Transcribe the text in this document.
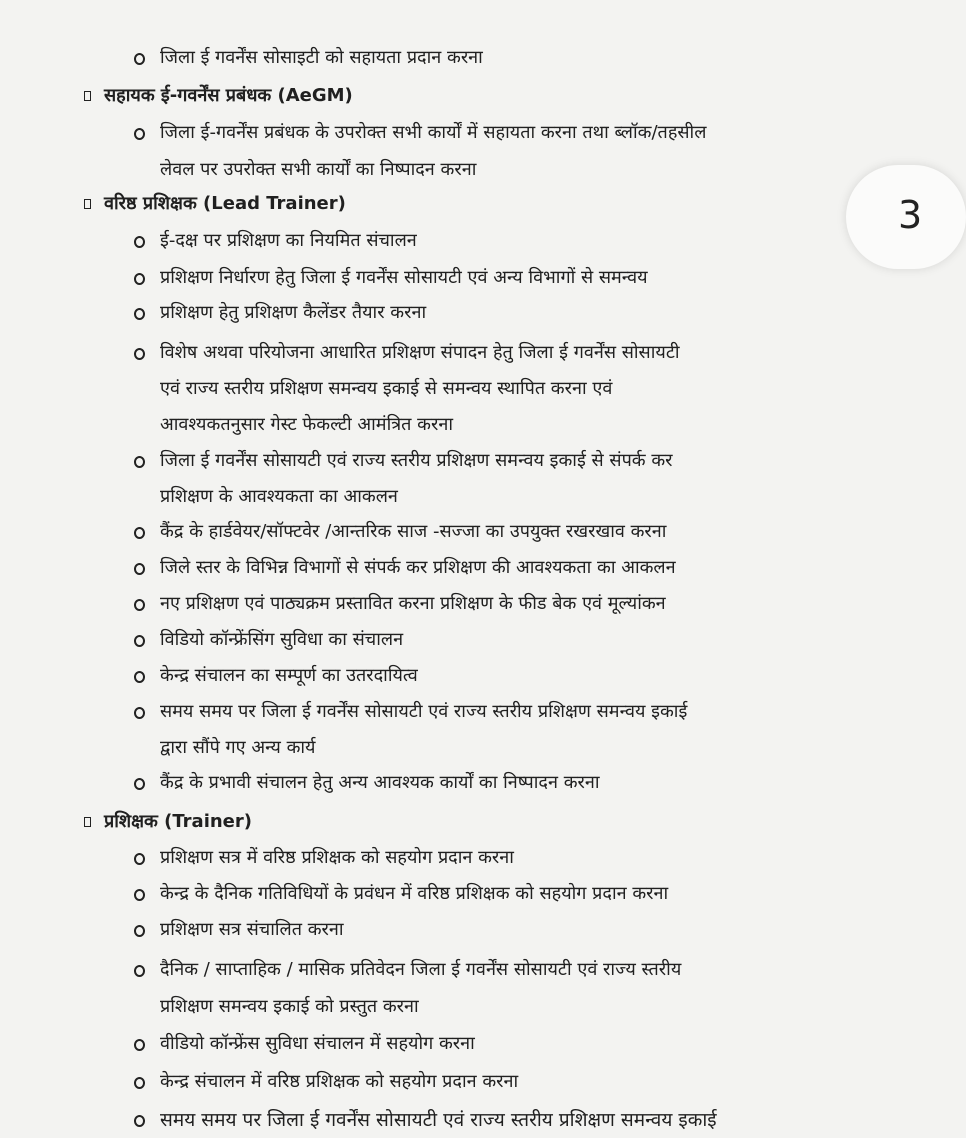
जिला ई गवर्नेंस सोसाइटी को सहायता प्रदान करना
सहायक ई-गवर्नेंस प्रबंधक (AeGM)
जिला ई-गवर्नेंस प्रबंधक के उपरोक्त सभी कार्यों में सहायता करना तथा ब्लॉक/तहसील
लेवल पर उपरोक्त सभी कार्यों का निष्पादन करना
वरिष्ठ प्रशिक्षक (Lead Trainer)
ई-दक्ष पर प्रशिक्षण का नियमित संचालन
प्रशिक्षण निर्धारण हेतु जिला ई गवर्नेंस सोसायटी एवं अन्य विभागों से समन्वय
प्रशिक्षण हेतु प्रशिक्षण कैलेंडर तैयार करना
विशेष अथवा परियोजना आधारित प्रशिक्षण संपादन हेतु जिला ई गवर्नेंस सोसायटी
एवं राज्य स्तरीय प्रशिक्षण समन्वय इकाई से समन्वय स्थापित करना एवं
आवश्यकतनुसार गेस्ट फेकल्टी आमंत्रित करना
जिला ई गवर्नेंस सोसायटी एवं राज्य स्तरीय प्रशिक्षण समन्वय इकाई से संपर्क कर
प्रशिक्षण के आवश्यकता का आकलन
कैंद्र के हार्डवेयर/सॉफ्टवेर /आन्तरिक साज -सज्जा का उपयुक्त रखरखाव करना
जिले स्तर के विभिन्न विभागों से संपर्क कर प्रशिक्षण की आवश्यकता का आकलन
नए प्रशिक्षण एवं पाठ्यक्रम प्रस्तावित करना प्रशिक्षण के फीड बेक एवं मूल्यांकन
विडियो कॉन्फ्रेंसिंग सुविधा का संचालन
केन्द्र संचालन का सम्पूर्ण का उतरदायित्व
समय समय पर जिला ई गवर्नेंस सोसायटी एवं राज्य स्तरीय प्रशिक्षण समन्वय इकाई
द्वारा सौंपे गए अन्य कार्य
कैंद्र के प्रभावी संचालन हेतु अन्य आवश्यक कार्यों का निष्पादन करना
प्रशिक्षक (Trainer)
प्रशिक्षण सत्र में वरिष्ठ प्रशिक्षक को सहयोग प्रदान करना
केन्द्र के दैनिक गतिविधियों के प्रवंधन में वरिष्ठ प्रशिक्षक को सहयोग प्रदान करना
प्रशिक्षण सत्र संचालित करना
दैनिक / साप्ताहिक / मासिक प्रतिवेदन जिला ई गवर्नेंस सोसायटी एवं राज्य स्तरीय
प्रशिक्षण समन्वय इकाई को प्रस्तुत करना
वीडियो कॉन्फ्रेंस सुविधा संचालन में सहयोग करना
केन्द्र संचालन में वरिष्ठ प्रशिक्षक को सहयोग प्रदान करना
समय समय पर जिला ई गवर्नेंस सोसायटी एवं राज्य स्तरीय प्रशिक्षण समन्वय इकाई
3
